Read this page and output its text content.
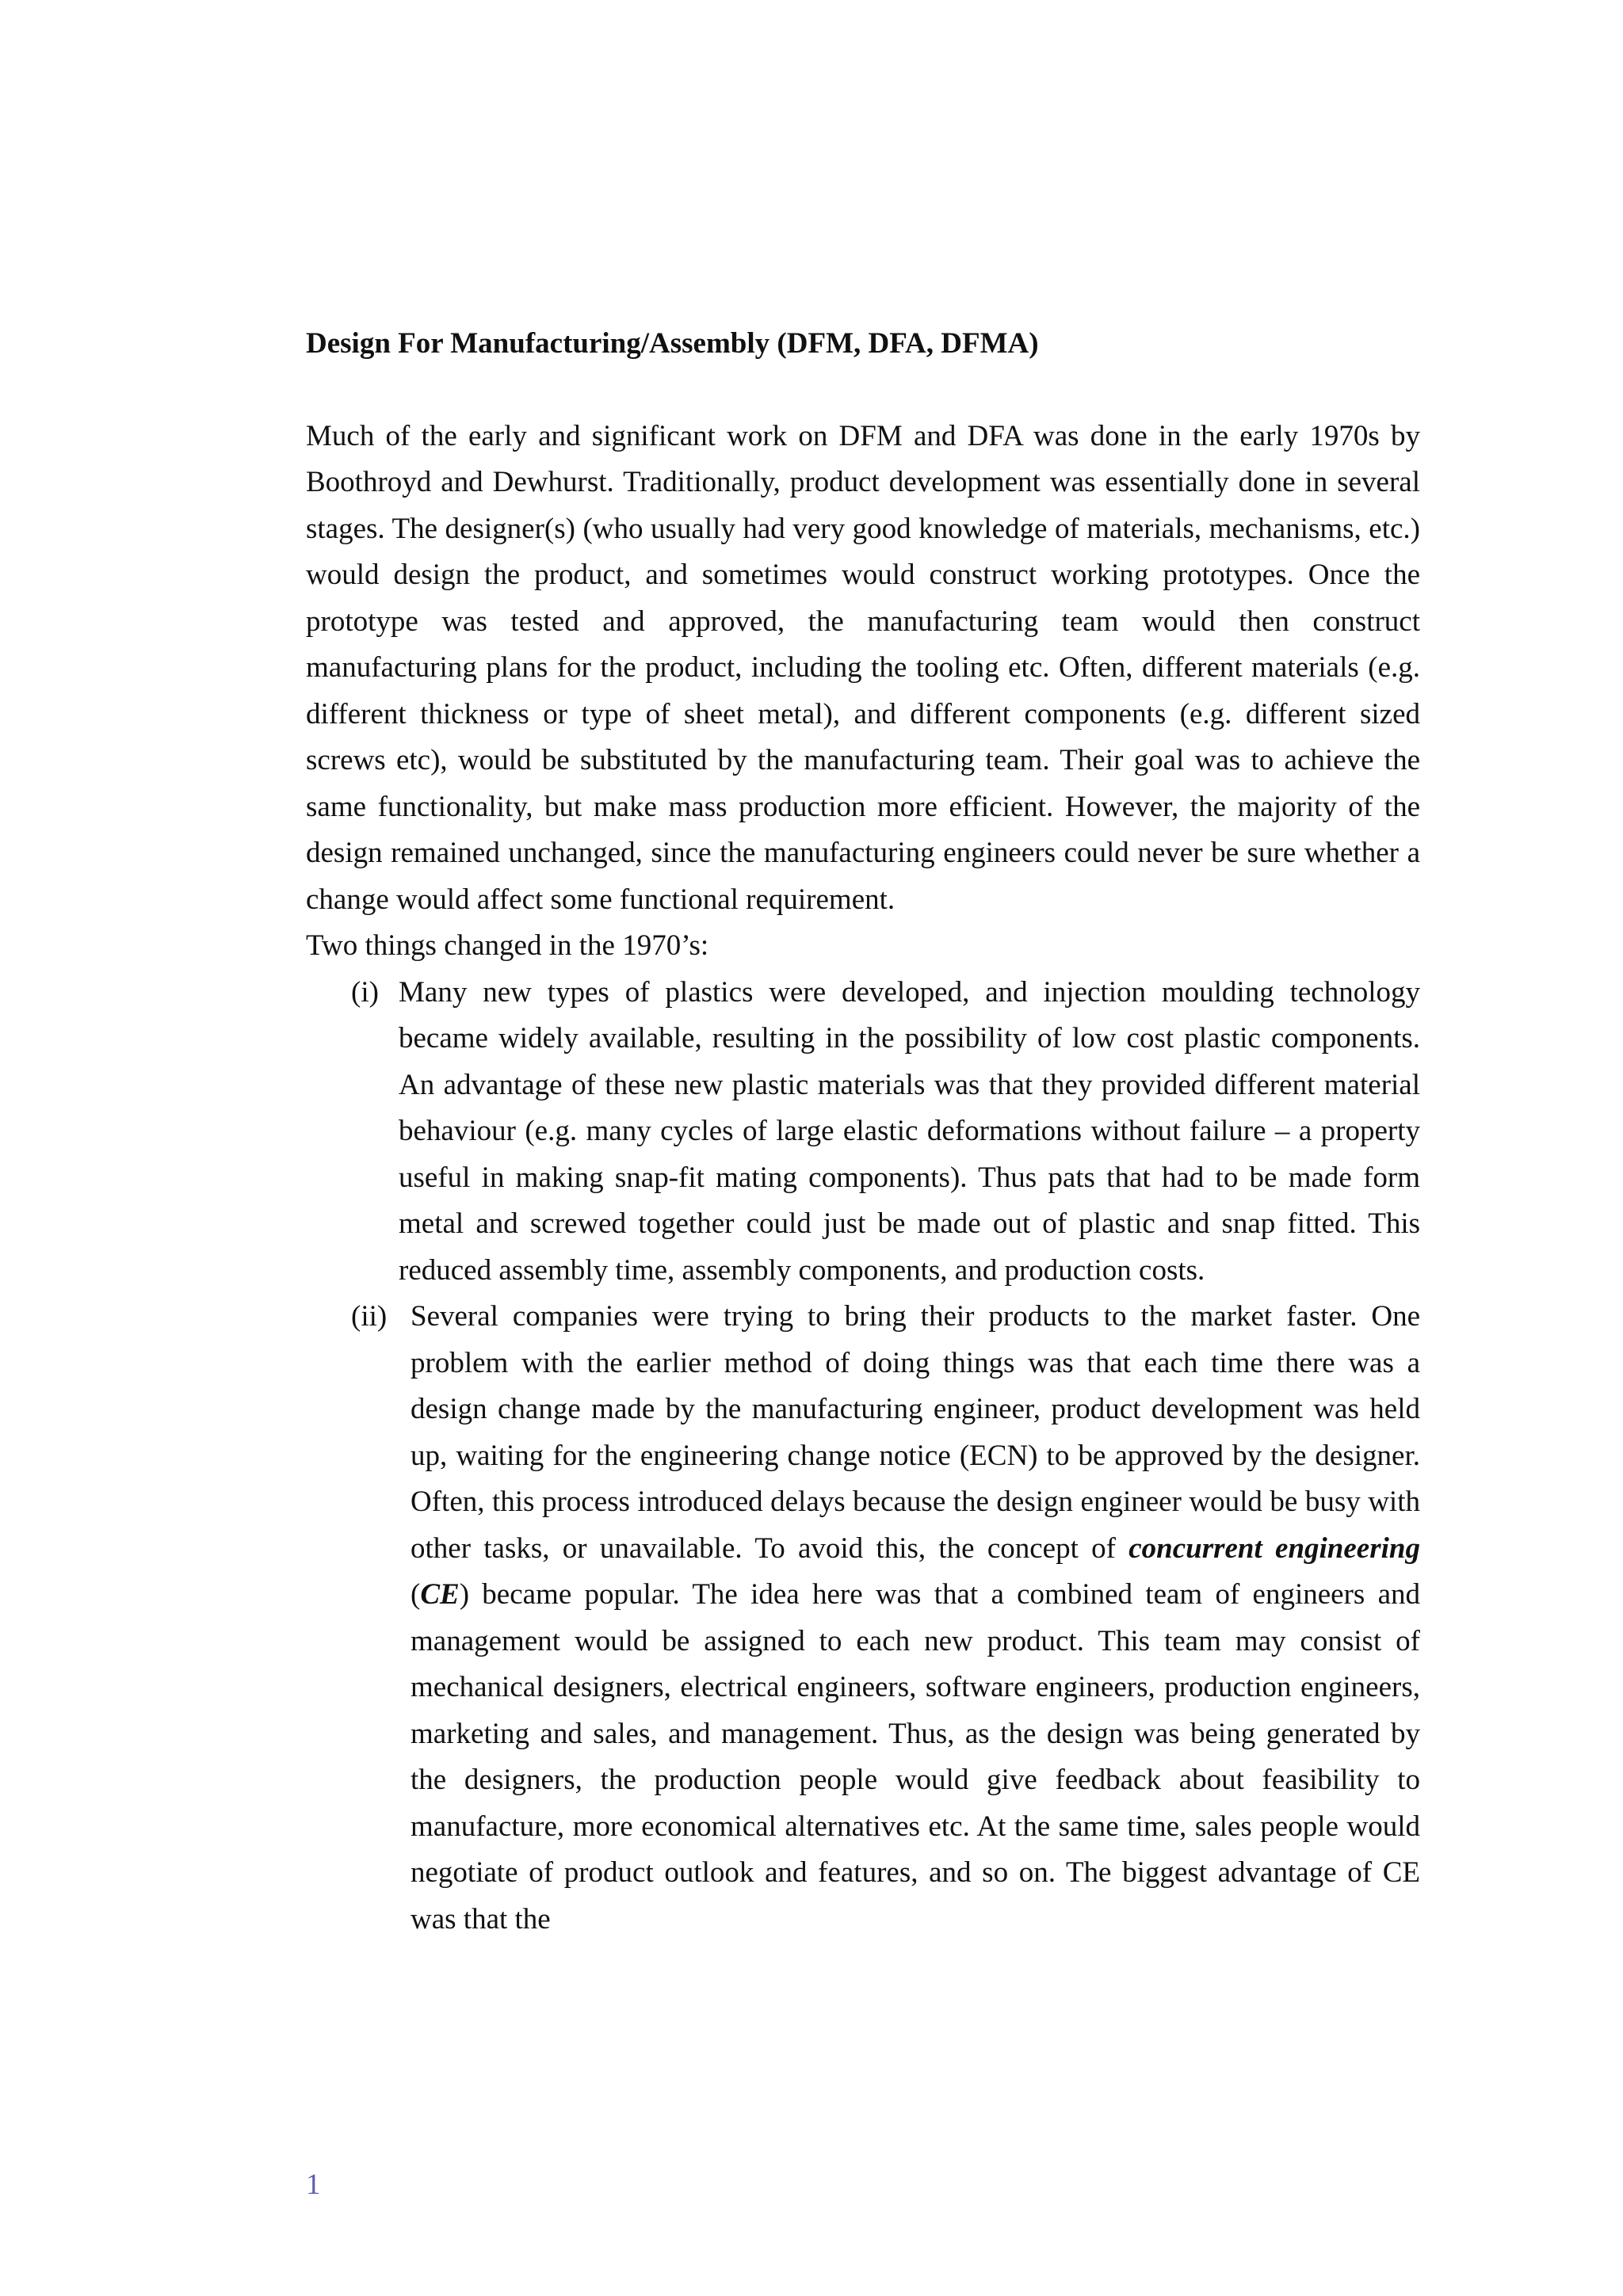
Design For Manufacturing/Assembly (DFM, DFA, DFMA)

Much of the early and significant work on DFM and DFA was done in the early 1970s by Boothroyd and Dewhurst. Traditionally, product development was essentially done in several stages. The designer(s) (who usually had very good knowledge of materials, mechanisms, etc.) would design the product, and sometimes would construct working prototypes. Once the prototype was tested and approved, the manufacturing team would then construct manufacturing plans for the product, including the tooling etc. Often, different materials (e.g. different thickness or type of sheet metal), and different components (e.g. different sized screws etc), would be substituted by the manufacturing team. Their goal was to achieve the same functionality, but make mass production more efficient. However, the majority of the design remained unchanged, since the manufacturing engineers could never be sure whether a change would affect some functional requirement.

Two things changed in the 1970’s:

(i) Many new types of plastics were developed, and injection moulding technology became widely available, resulting in the possibility of low cost plastic components. An advantage of these new plastic materials was that they provided different material behaviour (e.g. many cycles of large elastic deformations without failure – a property useful in making snap-fit mating components). Thus pats that had to be made form metal and screwed together could just be made out of plastic and snap fitted. This reduced assembly time, assembly components, and production costs.
(ii) Several companies were trying to bring their products to the market faster. One problem with the earlier method of doing things was that each time there was a design change made by the manufacturing engineer, product development was held up, waiting for the engineering change notice (ECN) to be approved by the designer. Often, this process introduced delays because the design engineer would be busy with other tasks, or unavailable. To avoid this, the concept of concurrent engineering (CE) became popular. The idea here was that a combined team of engineers and management would be assigned to each new product. This team may consist of mechanical designers, electrical engineers, software engineers, production engineers, marketing and sales, and management. Thus, as the design was being generated by the designers, the production people would give feedback about feasibility to manufacture, more economical alternatives etc. At the same time, sales people would negotiate of product outlook and features, and so on. The biggest advantage of CE was that the
1
